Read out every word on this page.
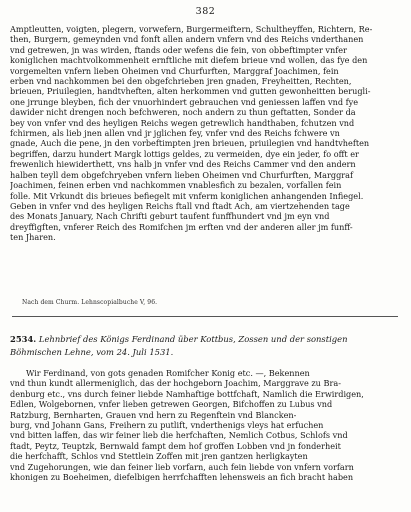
382
Amptleutten, voigten, plegern, vorwefern, Burgermeiftern, Schultheyffen, Richtern, Re-
then, Burgern, gemeynden vnd fonft allen andern vnfern vnd des Reichs vnderthanen
vnd getrewen, jn was wirden, ftands oder wefens die fein, von obbeftimpter vnfer
koniglichen machtvolkommenheit ernftliche mit diefem brieue vnd wollen, das fye den
vorgemelten vnfern lieben Oheimen vnd Churfurften, Marggraf Joachimen, fein
erben vnd nachkommen bei den obgefchrieben jren gnaden, Freyheitten, Rechten,
brieuen, Priuilegien, handtvheften, alten herkommen vnd gutten gewonheitten berugli-
one jrrunge bleyben, fich der vnuorhindert gebrauchen vnd geniessen laffen vnd fye
dawider nicht drengen noch befchweren, noch andern zu thun geftatten, Sonder da
bey von vnfer vnd des heyligen Reichs wegen getrewlich handthaben, fchutzen vnd
fchirmen, als lieb jnen allen vnd jr jglichen fey, vnfer vnd des Reichs fchwere vn
gnade, Auch die pene, jn den vorbeftimpten jren brieuen, priuilegien vnd handtvheften
begriffen, darzu hundert Margk lottigs geldes, zu vermeiden, dye ein jeder, fo offt er
frewenlich hiewiderthett, vns halb jn vnfer vnd des Reichs Cammer vnd den andern
halben teyll dem obgefchryeben vnfern lieben Oheimen vnd Churfurften, Marggraf
Joachimen, feinen erben vnd nachkommen vnablesfich zu bezalen, vorfallen fein
folle. Mit Vrkundt dis brieues befiegelt mit vnferm koniglichen anhangenden Infiegel.
Geben in vnfer vnd des heyligen Reichs ftall vnd ftadt Ach, am viertzehenden tage
des Monats January, Nach Chrifti geburt taufent funffhundert vnd jm eyn vnd
dreyffigften, vnferer Reich des Romifchen jm erften vnd der anderen aller jm funff-
ten Jharen.
Nach dem Churm. Lehnscopialbuche V, 96.
2534. Lehnbrief des Königs Ferdinand über Kottbus, Zossen und der sonstigen Böhmischen Lehne, vom 24. Juli 1531.
Wir Ferdinand, von gots genaden Romifcher Konig etc. —, Bekennen
vnd thun kundt allermeniglich, das der hochgeborn Joachim, Marggrave zu Bra-
denburg etc., vns durch feiner liebde Namhaftige bottfchaft, Namlich die Erwirdigen,
Edlen, Wolgebornen, vnfer lieben getrewen Georgen, Bifchoffen zu Lubus vnd
Ratzburg, Bernharten, Grauen vnd hern zu Regenftein vnd Blancken-
burg, vnd Johann Gans, Freihern zu putlift, vnderthenigs vleys hat erfuchen
vnd bitten laffen, das wir feiner lieb die herfchaften, Nemlich Cotbus, Schlofs vnd
ftadt, Peytz, Teuptzk, Bernwald fampt dem hof groffen Lobben vnd jn fonderheit
die herfchafft, Schlos vnd Stettlein Zoffen mit jren gantzen herligkayten
vnd Zugehorungen, wie dan feiner lieb vorfarn, auch fein liebde von vnfern vorfarn
khonigen zu Boeheimen, diefelbigen herrfchafften lehensweis an fich bracht haben
